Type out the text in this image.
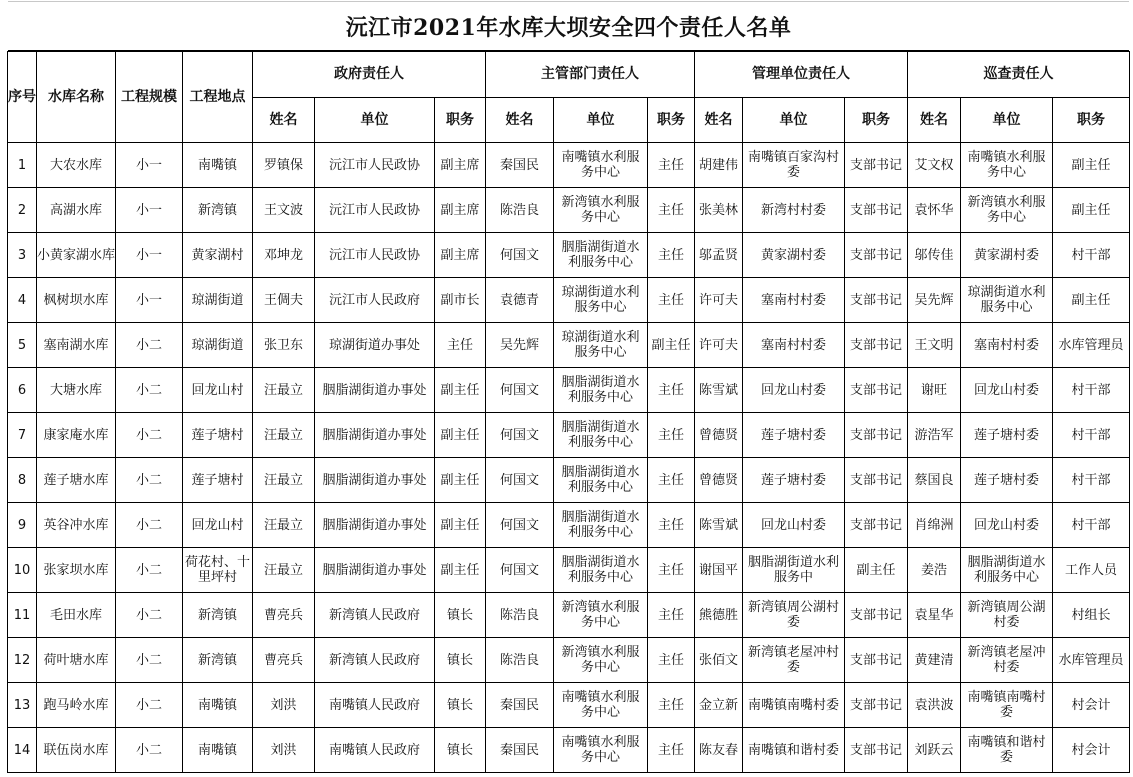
沅江市2021年水库大坝安全四个责任人名单
序号	水库名称	工程规模	工程地点	政府责任人			主管部门责任人			管理单位责任人			巡查责任人		
				姓名	单位	职务	姓名	单位	职务	姓名	单位	职务	姓名	单位	职务
1	大农水库	小一	南嘴镇	罗镇保	沅江市人民政协	副主席	秦国民	南嘴镇水利服务中心	主任	胡建伟	南嘴镇百家沟村委	支部书记	艾文权	南嘴镇水利服务中心	副主任
2	高湖水库	小一	新湾镇	王文波	沅江市人民政协	副主席	陈浩良	新湾镇水利服务中心	主任	张美林	新湾村村委	支部书记	袁怀华	新湾镇水利服务中心	副主任
3	小黄家湖水库	小一	黄家湖村	邓坤龙	沅江市人民政协	副主席	何国文	胭脂湖街道水利服务中心	主任	邬孟贤	黄家湖村委	支部书记	邬传佳	黄家湖村委	村干部
4	枫树坝水库	小一	琼湖街道	王倜夫	沅江市人民政府	副市长	袁德青	琼湖街道水利服务中心	主任	许可夫	塞南村村委	支部书记	吴先辉	琼湖街道水利服务中心	副主任
5	塞南湖水库	小二	琼湖街道	张卫东	琼湖街道办事处	主任	吴先辉	琼湖街道水利服务中心	副主任	许可夫	塞南村村委	支部书记	王文明	塞南村村委	水库管理员
6	大塘水库	小二	回龙山村	汪最立	胭脂湖街道办事处	副主任	何国文	胭脂湖街道水利服务中心	主任	陈雪斌	回龙山村委	支部书记	谢旺	回龙山村委	村干部
7	康家庵水库	小二	莲子塘村	汪最立	胭脂湖街道办事处	副主任	何国文	胭脂湖街道水利服务中心	主任	曾德贤	莲子塘村委	支部书记	游浩军	莲子塘村委	村干部
8	莲子塘水库	小二	莲子塘村	汪最立	胭脂湖街道办事处	副主任	何国文	胭脂湖街道水利服务中心	主任	曾德贤	莲子塘村委	支部书记	蔡国良	莲子塘村委	村干部
9	英谷冲水库	小二	回龙山村	汪最立	胭脂湖街道办事处	副主任	何国文	胭脂湖街道水利服务中心	主任	陈雪斌	回龙山村委	支部书记	肖绵洲	回龙山村委	村干部
10	张家坝水库	小二	荷花村、十里坪村	汪最立	胭脂湖街道办事处	副主任	何国文	胭脂湖街道水利服务中心	主任	谢国平	胭脂湖街道水利　　服务中	副主任	姜浩	胭脂湖街道水利服务中心	工作人员
11	毛田水库	小二	新湾镇	曹亮兵	新湾镇人民政府	镇长	陈浩良	新湾镇水利服务中心	主任	熊德胜	新湾镇周公湖村委	支部书记	袁星华	新湾镇周公湖村委	村组长
12	荷叶塘水库	小二	新湾镇	曹亮兵	新湾镇人民政府	镇长	陈浩良	新湾镇水利服务中心	主任	张佰文	新湾镇老屋冲村委	支部书记	黄建清	新湾镇老屋冲村委	水库管理员
13	跑马岭水库	小二	南嘴镇	刘洪	南嘴镇人民政府	镇长	秦国民	南嘴镇水利服务中心	主任	金立新	南嘴镇南嘴村委	支部书记	袁洪波	南嘴镇南嘴村委	村会计
14	联伍岗水库	小二	南嘴镇	刘洪	南嘴镇人民政府	镇长	秦国民	南嘴镇水利服务中心	主任	陈友春	南嘴镇和谐村委	支部书记	刘跃云	南嘴镇和谐村委	村会计
